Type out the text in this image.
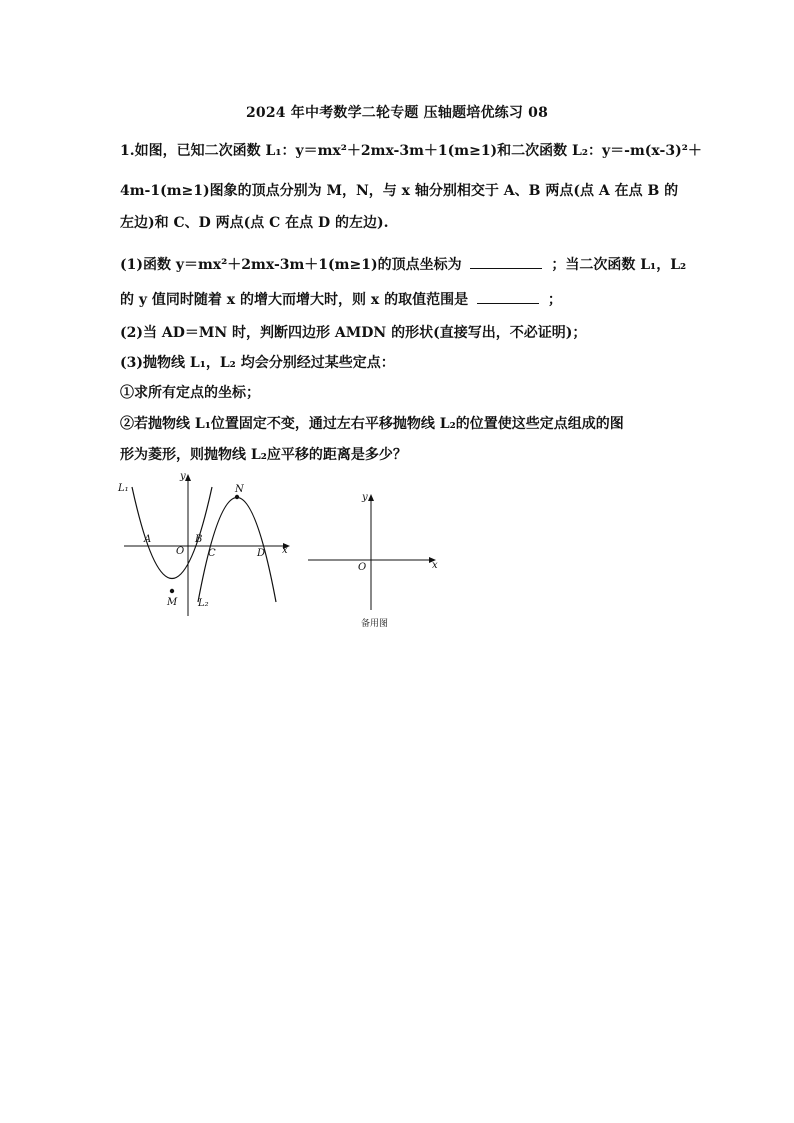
2024 年中考数学二轮专题 压轴题培优练习 08
1.如图，已知二次函数 L₁：y＝mx²＋2mx-3m＋1(m≥1)和二次函数 L₂：y＝-m(x-3)²＋
4m-1(m≥1)图象的顶点分别为 M，N，与 x 轴分别相交于 A、B 两点(点 A 在点 B 的
左边)和 C、D 两点(点 C 在点 D 的左边).
(1)函数 y＝mx²＋2mx-3m＋1(m≥1)的顶点坐标为	；当二次函数 L₁，L₂
的 y 值同时随着 x 的增大而增大时，则 x 的取值范围是	；
(2)当 AD＝MN 时，判断四边形 AMDN 的形状(直接写出，不必证明)；
(3)抛物线 L₁，L₂ 均会分别经过某些定点：
①求所有定点的坐标；
②若抛物线 L₁位置固定不变，通过左右平移抛物线 L₂的位置使这些定点组成的图
形为菱形，则抛物线 L₂应平移的距离是多少？
L₁
L₂
y
x
O
A	B
C	D
M
N
y
x
O
备用图
